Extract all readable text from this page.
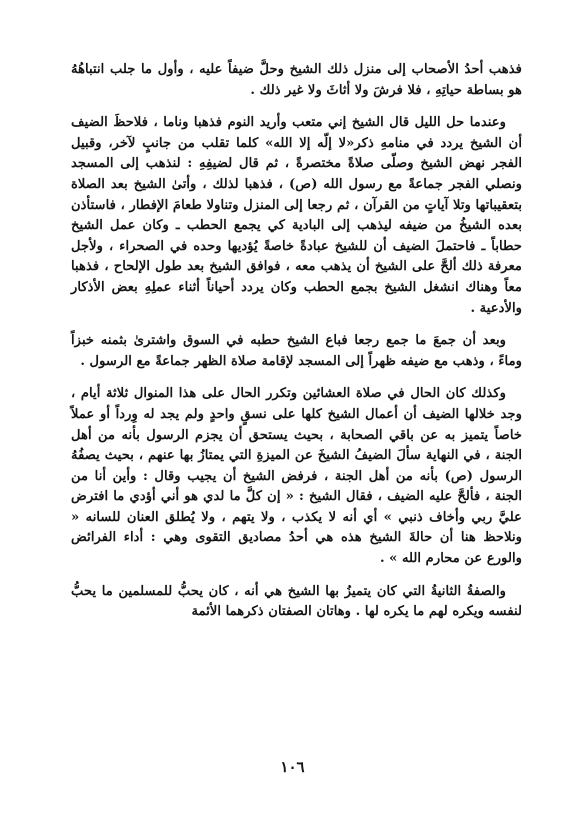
فذهب أحدُ الأصحاب إلى منزل ذلك الشيخ وحلَّ ضيفاً عليه ، وأول ما جلب انتباهُهُ هو بساطة حياتِهِ ، فلا فرشَ ولا أثاثَ ولا غير ذلك .

وعندما حل الليل قال الشيخ إني متعب وأريد النوم فذهبا وناما ، فلاحظَ الضيف أن الشيخ يردد في منامهِ ذكر«لا إلّه إلا الله» كلما تقلب من جانبٍ لآخر، وقبيل الفجر نهض الشيخ وصلّى صلاةً مختصرةً ، ثم قال لضيفِهِ : لنذهب إلى المسجد ونصلي الفجر جماعةً مع رسول الله (ص) ، فذهبا لذلك ، وأتىٰ الشيخ بعد الصلاة بتعقيباتها وتلا آياتٍ من القرآن ، ثم رجعا إلى المنزل وتناولا طعامَ الإفطار ، فاستأذن بعده الشيخُ من ضيفه ليذهب إلى البادية كي يجمع الحطب ـ وكان عمل الشيخ حطاباً ـ فاحتملَ الضيف أن للشيخ عبادةً خاصةً يُؤديها وحده في الصحراء ، ولأجل معرفة ذلك ألحَّ على الشيخ أن يذهب معه ، فوافق الشيخ بعد طول الإلحاح ، فذهبا معاً وهناك انشغل الشيخ بجمع الحطب وكان يردد أحياناً أثناء عملِهِ بعض الأذكار والأدعية .

وبعد أن جمعَ ما جمع رجعا فباع الشيخ حطبه في السوق واشترىٰ بثمنه خبزاً وماءً ، وذهب مع ضيفه ظهراً إلى المسجد لإقامة صلاة الظهر جماعةً مع الرسول .

وكذلك كان الحال في صلاة العشائين وتكرر الحال على هذا المنوال ثلاثة أيام ، وجد خلالها الضيف أن أعمال الشيخ كلها على نسقٍ واحدٍ ولم يجد له وِرداً أو عملاً خاصاً يتميز به عن باقي الصحابة ، بحيث يستحق أن يجزم الرسول بأنه من أهل الجنة ، في النهاية سألَ الضيفُ الشيخَ عن الميزةِ التي يمتازُ بها عنهم ، بحيث يصفُهُ الرسول (ص) بأنه من أهل الجنة ، فرفض الشيخ أن يجيب وقال : وأين أنا من الجنة ، فألحَّ عليه الضيف ، فقال الشيخ : « إن كلَّ ما لدي هو أني أؤدي ما افترض عليَّ ربي وأخاف ذنبي » أي أنه لا يكذب ، ولا يتهم ، ولا يُطلق العنان للسانه « ونلاحظ هنا أن حالةَ الشيخ هذه هي أحدُ مصاديق التقوى وهي : أداء الفرائض والورع عن محارم الله » .

والصفةُ الثانيةُ التي كان يتميزُ بها الشيخ هي أنه ، كان يحبُّ للمسلمين ما يحبُّ لنفسه ويكره لهم ما يكره لها . وهاتان الصفتان ذكرهما الأئمة

١٠٦
